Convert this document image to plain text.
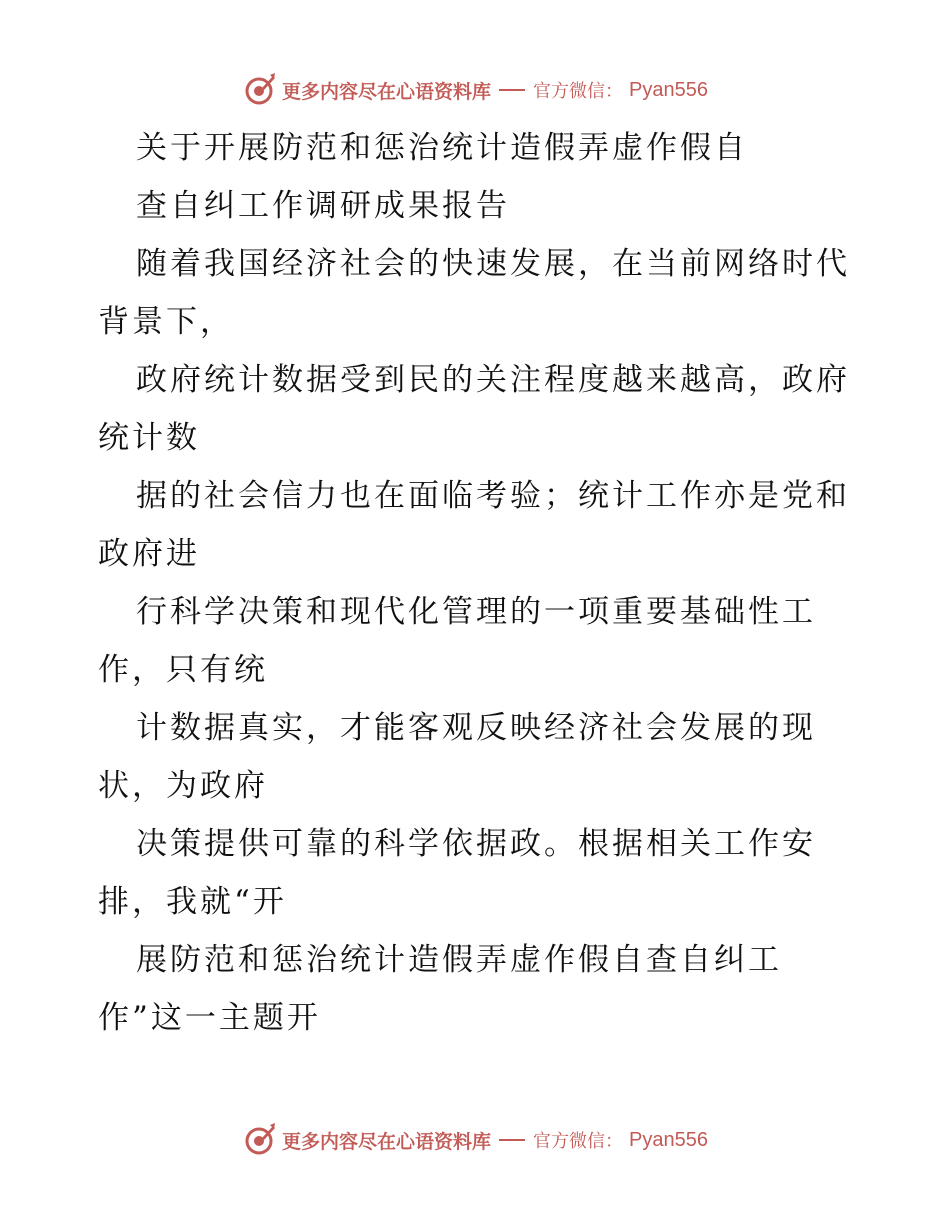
更多内容尽在心语资料库 官方微信： Pyan556
关于开展防范和惩治统计造假弄虚作假自
查自纠工作调研成果报告
随着我国经济社会的快速发展，在当前网络时代
背景下，
政府统计数据受到民的关注程度越来越高，政府
统计数
据的社会信力也在面临考验；统计工作亦是党和
政府进
行科学决策和现代化管理的一项重要基础性工
作，只有统
计数据真实，才能客观反映经济社会发展的现
状，为政府
决策提供可靠的科学依据政。根据相关工作安
排，我就“开
展防范和惩治统计造假弄虚作假自查自纠工
作”这一主题开
更多内容尽在心语资料库 官方微信： Pyan556
